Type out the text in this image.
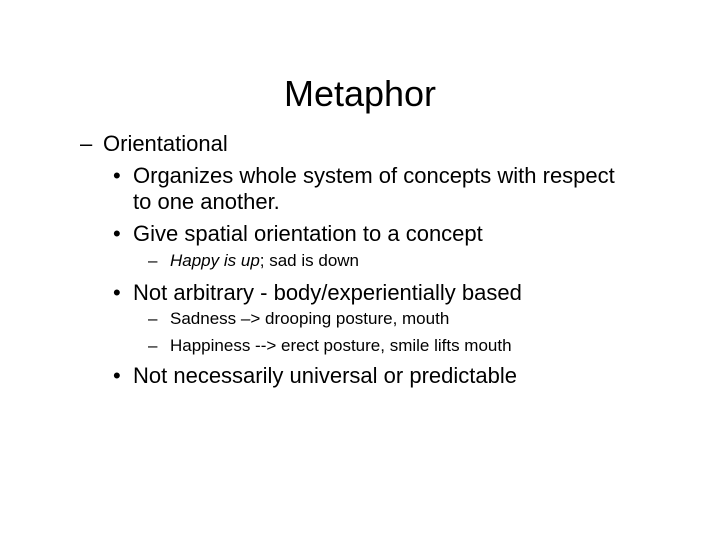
Metaphor
– Orientational
• Organizes whole system of concepts with respect
to one another.
• Give spatial orientation to a concept
– Happy is up; sad is down
• Not arbitrary - body/experientially based
– Sadness –> drooping posture, mouth
– Happiness --> erect posture, smile lifts mouth
• Not necessarily universal or predictable
